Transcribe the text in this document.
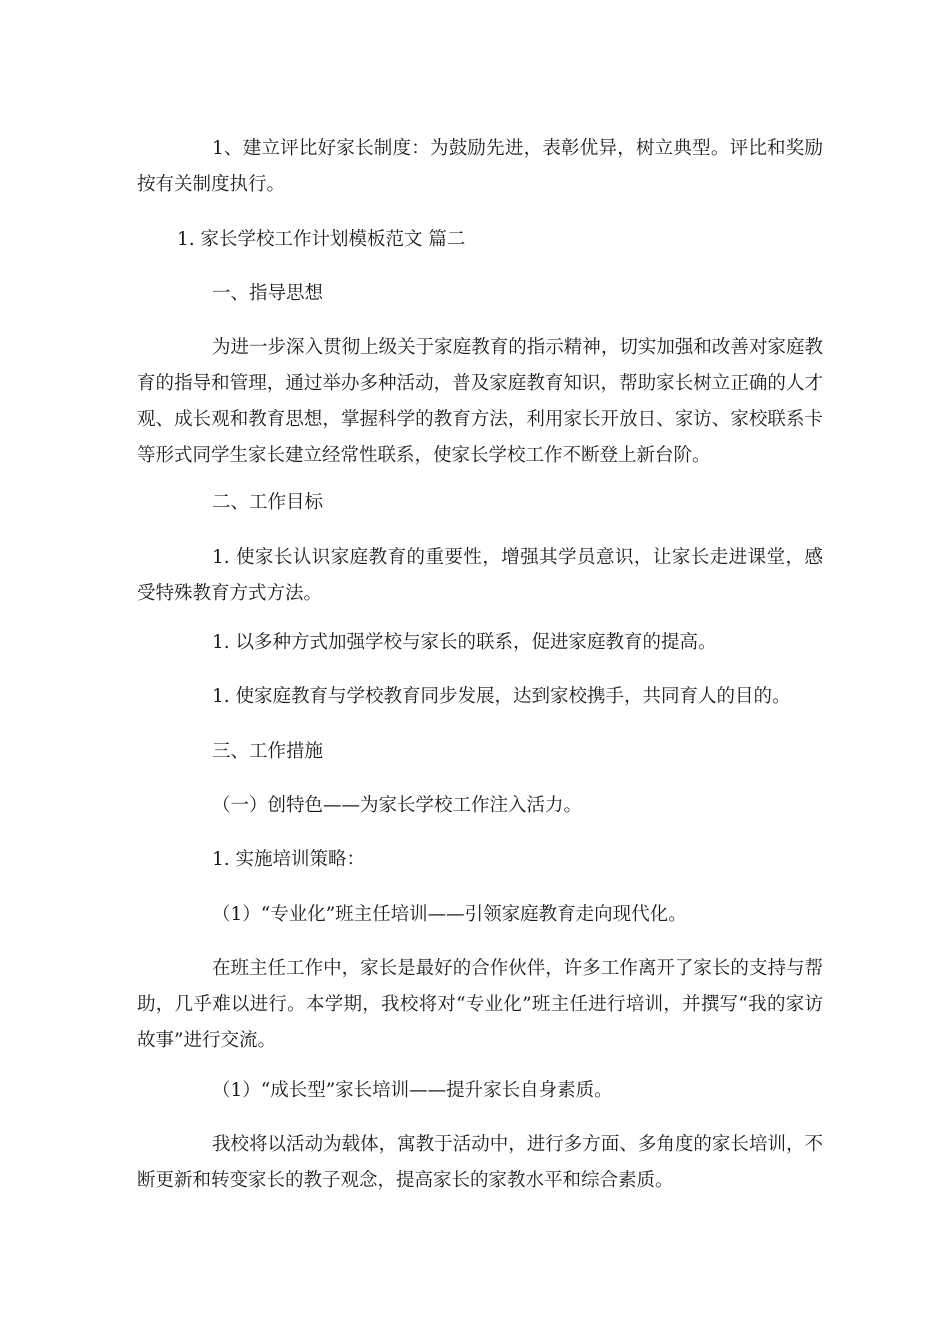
1、建立评比好家长制度：为鼓励先进，表彰优异，树立典型。评比和奖励按有关制度执行。

1. 家长学校工作计划模板范文 篇二

一、指导思想

为进一步深入贯彻上级关于家庭教育的指示精神，切实加强和改善对家庭教育的指导和管理，通过举办多种活动，普及家庭教育知识，帮助家长树立正确的人才观、成长观和教育思想，掌握科学的教育方法，利用家长开放日、家访、家校联系卡等形式同学生家长建立经常性联系，使家长学校工作不断登上新台阶。

二、工作目标

1. 使家长认识家庭教育的重要性，增强其学员意识，让家长走进课堂，感受特殊教育方式方法。

1. 以多种方式加强学校与家长的联系，促进家庭教育的提高。

1. 使家庭教育与学校教育同步发展，达到家校携手，共同育人的目的。

三、工作措施

（一）创特色——为家长学校工作注入活力。

1. 实施培训策略：

（1）“专业化”班主任培训——引领家庭教育走向现代化。

在班主任工作中，家长是最好的合作伙伴，许多工作离开了家长的支持与帮助，几乎难以进行。本学期，我校将对“专业化”班主任进行培训，并撰写“我的家访故事”进行交流。

（1）“成长型”家长培训——提升家长自身素质。

我校将以活动为载体，寓教于活动中，进行多方面、多角度的家长培训，不断更新和转变家长的教子观念，提高家长的家教水平和综合素质。
